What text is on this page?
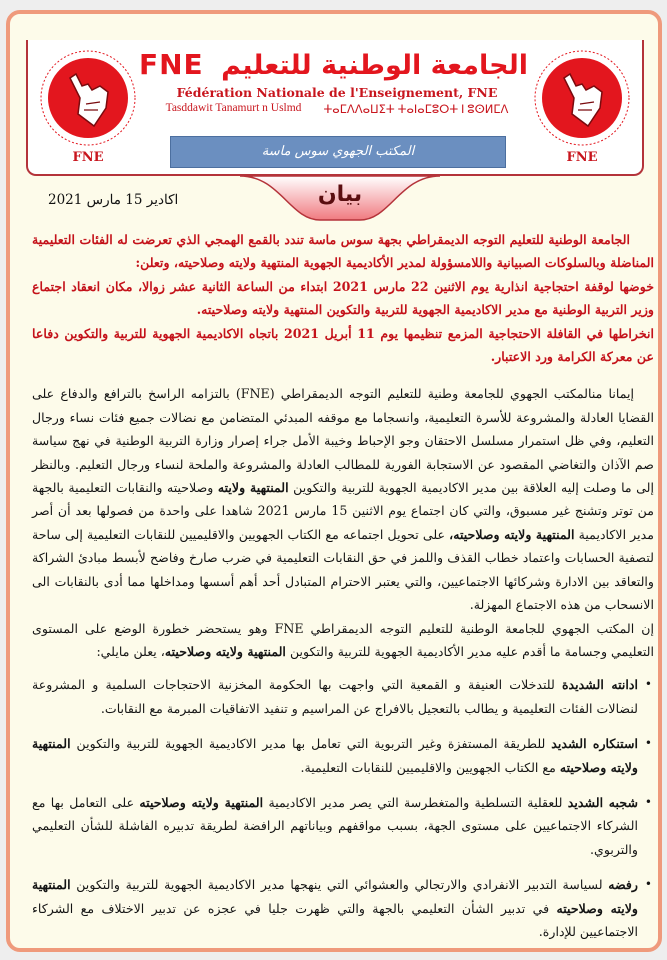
FNE
الجامعة الوطنية للتعليم FNE
Fédération Nationale de l'Enseignement, FNE
Tasddawit Tanamurt n Uslmd ⵜⴰⵎⴷⴷⴰⵡⵉⵜ ⵜⴰⵏⴰⵎⵓⵔⵜ ⵏ ⵓⵙⵍⵎⴷ
المكتب الجهوي سوس ماسة	FNE
بيان
اكادير 15 مارس 2021

الجامعة الوطنية للتعليم التوجه الديمقراطي بجهة سوس ماسة تندد بالقمع الهمجي الذي تعرضت له الفئات التعليمية المناضلة وبالسلوكات الصبيانية واللامسؤولة لمدير الأكاديمية الجهوية المنتهية ولايته وصلاحيته، وتعلن:

خوضها لوقفة احتجاجية انذارية يوم الاثنين 22 مارس 2021 ابتداء من الساعة الثانية عشر زوالا، مكان انعقاد اجتماع وزير التربية الوطنية مع مدير الاكاديمية الجهوية للتربية والتكوين المنتهية ولايته وصلاحيته.

انخراطها في القافلة الاحتجاجية المزمع تنظيمها يوم 11 أبريل 2021 باتجاه الاكاديمية الجهوية للتربية والتكوين دفاعا عن معركة الكرامة ورد الاعتبار.

إيمانا منالمكتب الجهوي للجامعة وطنية للتعليم التوجه الديمقراطي (FNE) بالتزامه الراسخ بالترافع والدفاع على القضايا العادلة والمشروعة للأسرة التعليمية، وانسجاما مع موقفه المبدئي المتضامن مع نضالات جميع فئات نساء ورجال التعليم، وفي ظل استمرار مسلسل الاحتقان وجو الإحباط وخيبة الأمل جراء إصرار وزارة التربية الوطنية في نهج سياسة صم الآذان والتغاضي المقصود عن الاستجابة الفورية للمطالب العادلة والمشروعة والملحة لنساء ورجال التعليم. وبالنظر إلى ما وصلت إليه العلاقة بين مدير الاكاديمية الجهوية للتربية والتكوين المنتهية ولايته وصلاحيته والنقابات التعليمية بالجهة من توتر وتشنج غير مسبوق، والتي كان اجتماع يوم الاثنين 15 مارس 2021 شاهدا على واحدة من فصولها بعد أن أصر مدير الاكاديمية المنتهية ولايته وصلاحيته، على تحويل اجتماعه مع الكتاب الجهويين والاقليميين للنقابات التعليمية إلى ساحة لتصفية الحسابات واعتماد خطاب القذف واللمز في حق النقابات التعليمية في ضرب صارخ وفاضح لأبسط مبادئ الشراكة والتعاقد بين الادارة وشركائها الاجتماعيين، والتي يعتبر الاحترام المتبادل أحد أهم أسسها ومداخلها مما أدى بالنقابات الى الانسحاب من هذه الاجتماع المهزلة.

إن المكتب الجهوي للجامعة الوطنية للتعليم التوجه الديمقراطي FNE وهو يستحضر خطورة الوضع على المستوى التعليمي وجسامة ما أقدم عليه مدير الأكاديمية الجهوية للتربية والتكوين المنتهية ولايته وصلاحيته، يعلن مايلي:

• ادانته الشديدة للتدخلات العنيفة و القمعية التي واجهت بها الحكومة المخزنية الاحتجاجات السلمية و المشروعة لنضالات الفئات التعليمية و يطالب بالتعجيل بالافراج عن المراسيم و تنفيد الاتفاقيات المبرمة مع النقابات.
• استنكاره الشديد للطريقة المستفزة وغير التربوية التي تعامل بها مدير الاكاديمية الجهوية للتربية والتكوين المنتهية ولايته وصلاحيته مع الكتاب الجهويين والاقليميين للنقابات التعليمية.
• شجبه الشديد للعقلية التسلطية والمتغطرسة التي يصر مدير الاكاديمية المنتهية ولايته وصلاحيته على التعامل بها مع الشركاء الاجتماعيين على مستوى الجهة، بسبب مواقفهم وبياناتهم الرافضة لطريقة تدبيره الفاشلة للشأن التعليمي والتربوي.
• رفضه لسياسة التدبير الانفرادي والارتجالي والعشوائي التي ينهجها مدير الاكاديمية الجهوية للتربية والتكوين المنتهية ولايته وصلاحيته في تدبير الشأن التعليمي بالجهة والتي ظهرت جليا في عجزه عن تدبير الاختلاف مع الشركاء الاجتماعيين للإدارة.
